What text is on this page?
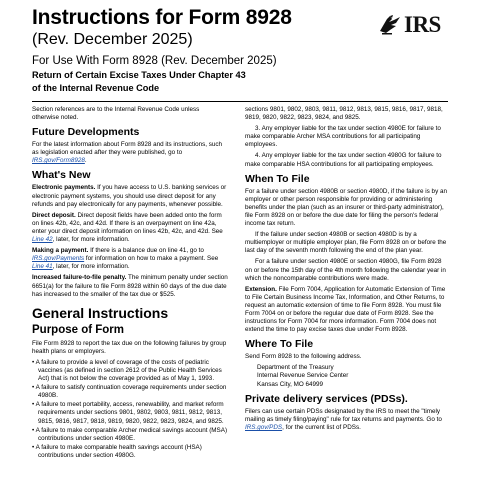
Instructions for Form 8928
(Rev. December 2025)
For Use With Form 8928 (Rev. December 2025)
Return of Certain Excise Taxes Under Chapter 43
of the Internal Revenue Code
IRS

Section references are to the Internal Revenue Code unless otherwise noted.

Future Developments

For the latest information about Form 8928 and its instructions, such as legislation enacted after they were published, go to IRS.gov/Form8928.

What's New

Electronic payments. If you have access to U.S. banking services or electronic payment systems, you should use direct deposit for any refunds and pay electronically for any payments, whenever possible.

Direct deposit. Direct deposit fields have been added onto the form on lines 42b, 42c, and 42d. If there is an overpayment on line 42a, enter your direct deposit information on lines 42b, 42c, and 42d. See Line 42, later, for more information.

Making a payment. If there is a balance due on line 41, go to IRS.gov/Payments for information on how to make a payment. See Line 41, later, for more information.

Increased failure-to-file penalty. The minimum penalty under section 6651(a) for the failure to file Form 8928 within 60 days of the due date has increased to the smaller of the tax due or $525.

General Instructions
Purpose of Form

File Form 8928 to report the tax due on the following failures by group health plans or employers.

• A failure to provide a level of coverage of the costs of pediatric vaccines (as defined in section 2612 of the Public Health Services Act) that is not below the coverage provided as of May 1, 1993.

• A failure to satisfy continuation coverage requirements under section 4980B.

• A failure to meet portability, access, renewability, and market reform requirements under sections 9801, 9802, 9803, 9811, 9812, 9813, 9815, 9816, 9817, 9818, 9819, 9820, 9822, 9823, 9824, and 9825.

• A failure to make comparable Archer medical savings account (MSA) contributions under section 4980E.

• A failure to make comparable health savings account (HSA) contributions under section 4980G.

sections 9801, 9802, 9803, 9811, 9812, 9813, 9815, 9816, 9817, 9818, 9819, 9820, 9822, 9823, 9824, and 9825.

3. Any employer liable for the tax under section 4980E for failure to make comparable Archer MSA contributions for all participating employees.

4. Any employer liable for the tax under section 4980G for failure to make comparable HSA contributions for all participating employees.

When To File

For a failure under section 4980B or section 4980D, if the failure is by an employer or other person responsible for providing or administering benefits under the plan (such as an insurer or third-party administrator), file Form 8928 on or before the due date for filing the person's federal income tax return.

If the failure under section 4980B or section 4980D is by a multiemployer or multiple employer plan, file Form 8928 on or before the last day of the seventh month following the end of the plan year.

For a failure under section 4980E or section 4980G, file Form 8928 on or before the 15th day of the 4th month following the calendar year in which the noncomparable contributions were made.

Extension. File Form 7004, Application for Automatic Extension of Time to File Certain Business Income Tax, Information, and Other Returns, to request an automatic extension of time to file Form 8928. You must file Form 7004 on or before the regular due date of Form 8928. See the instructions for Form 7004 for more information. Form 7004 does not extend the time to pay excise taxes due under Form 8928.

Where To File

Send Form 8928 to the following address.

Department of the Treasury
Internal Revenue Service Center
Kansas City, MO 64999
Private delivery services (PDSs).

Filers can use certain PDSs designated by the IRS to meet the "timely mailing as timely filing/paying" rule for tax returns and payments. Go to IRS.gov/PDS, for the current list of PDSs.
